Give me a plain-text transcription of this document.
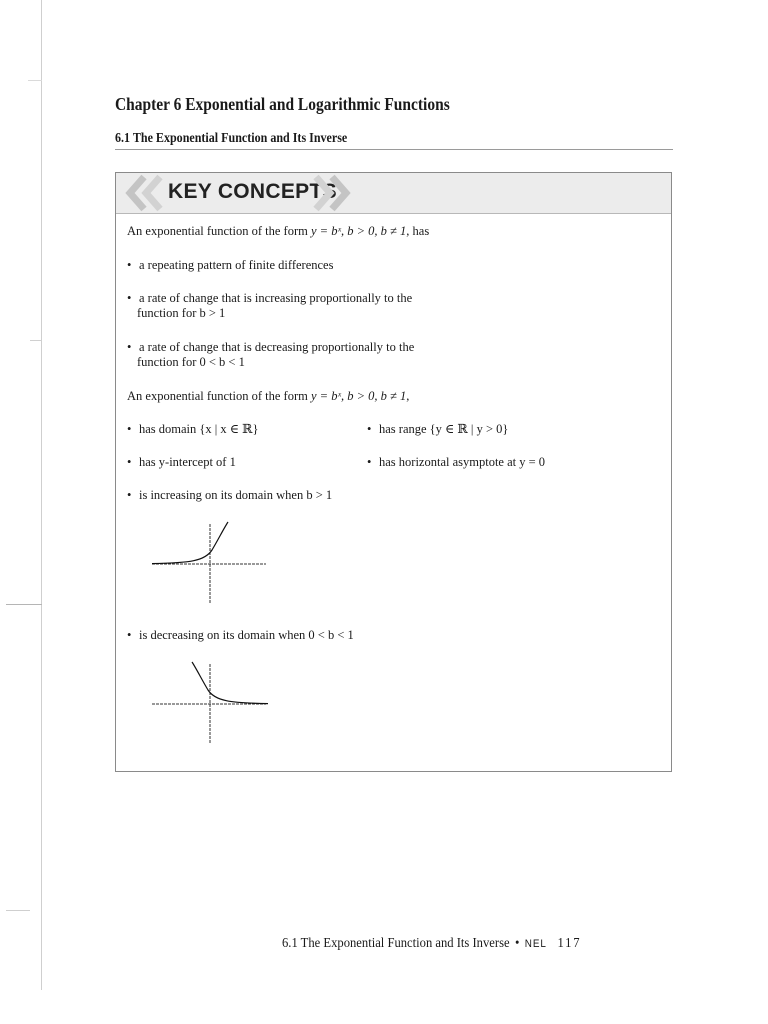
Chapter 6 Exponential and Logarithmic Functions
6.1 The Exponential Function and Its Inverse
KEY CONCEPTS
An exponential function of the form y = bˣ, b > 0, b ≠ 1, has
• a repeating pattern of finite differences
• a rate of change that is increasing proportionally to the
function for b > 1
• a rate of change that is decreasing proportionally to the
function for 0 < b < 1
An exponential function of the form y = bˣ, b > 0, b ≠ 1,
• has domain {x | x ∈ ℝ}	• has range {y ∈ ℝ | y > 0}
• has y-intercept of 1	• has horizontal asymptote at y = 0
• is increasing on its domain when b > 1
• is decreasing on its domain when 0 < b < 1
6.1 The Exponential Function and Its Inverse • NEL 117
